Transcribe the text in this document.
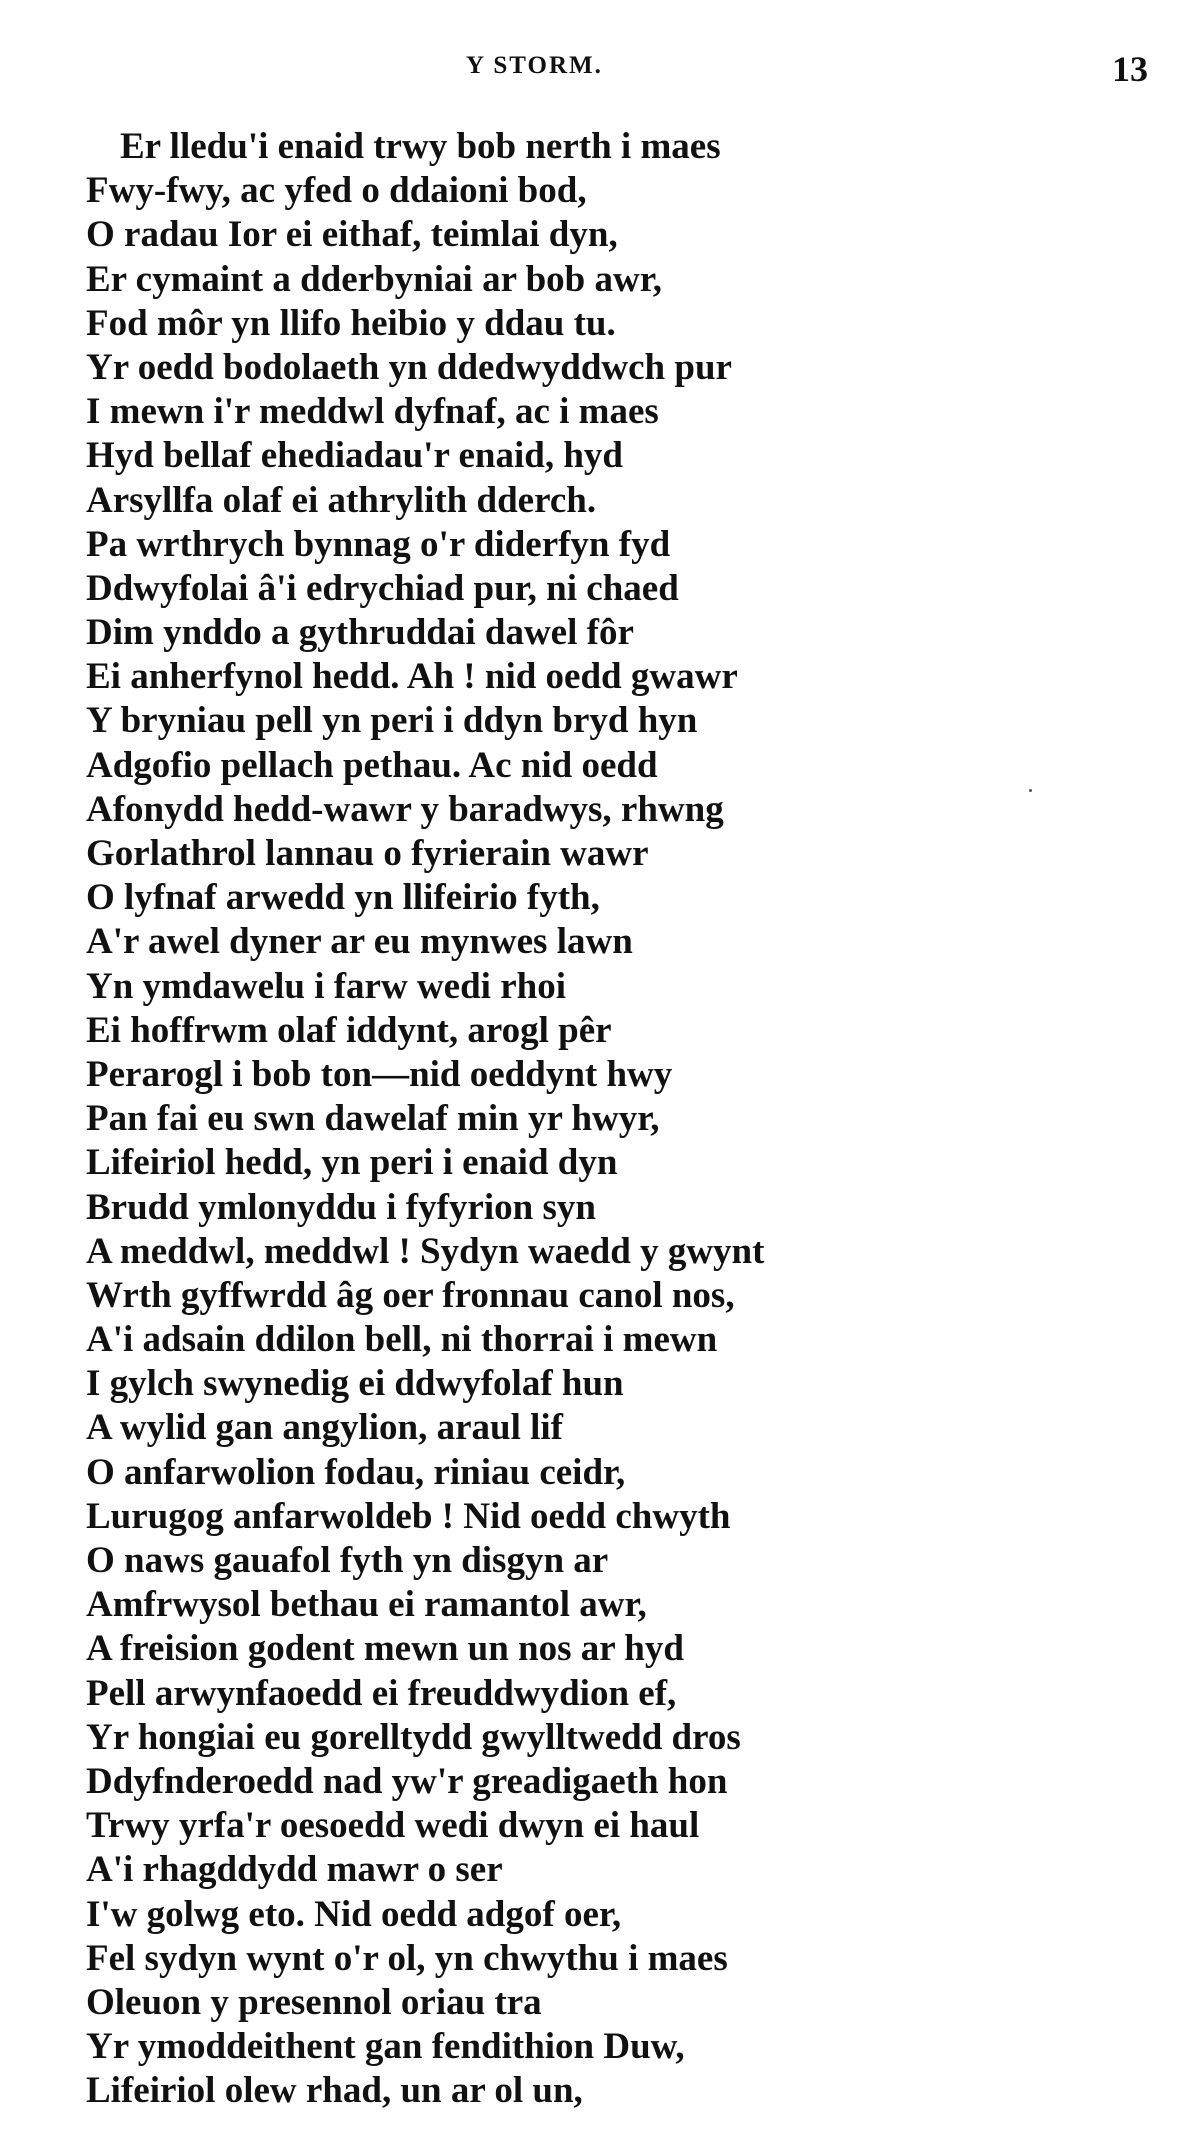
Y STORM.	13
Er lledu'i enaid trwy bob nerth i maes
Fwy-fwy, ac yfed o ddaioni bod,
O radau Ior ei eithaf, teimlai dyn,
Er cymaint a dderbyniai ar bob awr,
Fod môr yn llifo heibio y ddau tu.
Yr oedd bodolaeth yn ddedwyddwch pur
I mewn i'r meddwl dyfnaf, ac i maes
Hyd bellaf ehediadau'r enaid, hyd
Arsyllfa olaf ei athrylith dderch.
Pa wrthrych bynnag o'r diderfyn fyd
Ddwyfolai â'i edrychiad pur, ni chaed
Dim ynddo a gythruddai dawel fôr
Ei anherfynol hedd. Ah ! nid oedd gwawr
Y bryniau pell yn peri i ddyn bryd hyn
Adgofio pellach pethau. Ac nid oedd
Afonydd hedd-wawr y baradwys, rhwng
Gorlathrol lannau o fyrierain wawr
O lyfnaf arwedd yn llifeirio fyth,
A'r awel dyner ar eu mynwes lawn
Yn ymdawelu i farw wedi rhoi
Ei hoffrwm olaf iddynt, arogl pêr
Perarogl i bob ton—nid oeddynt hwy
Pan fai eu swn dawelaf min yr hwyr,
Lifeiriol hedd, yn peri i enaid dyn
Brudd ymlonyddu i fyfyrion syn
A meddwl, meddwl ! Sydyn waedd y gwynt
Wrth gyffwrdd âg oer fronnau canol nos,
A'i adsain ddilon bell, ni thorrai i mewn
I gylch swynedig ei ddwyfolaf hun
A wylid gan angylion, araul lif
O anfarwolion fodau, riniau ceidr,
Lurugog anfarwoldeb ! Nid oedd chwyth
O naws gauafol fyth yn disgyn ar
Amfrwysol bethau ei ramantol awr,
A freision godent mewn un nos ar hyd
Pell arwynfaoedd ei freuddwydion ef,
Yr hongiai eu gorelltydd gwylltwedd dros
Ddyfnderoedd nad yw'r greadigaeth hon
Trwy yrfa'r oesoedd wedi dwyn ei haul
A'i rhagddydd mawr o ser
I'w golwg eto. Nid oedd adgof oer,
Fel sydyn wynt o'r ol, yn chwythu i maes
Oleuon y presennol oriau tra
Yr ymoddeithent gan fendithion Duw,
Lifeiriol olew rhad, un ar ol un,
